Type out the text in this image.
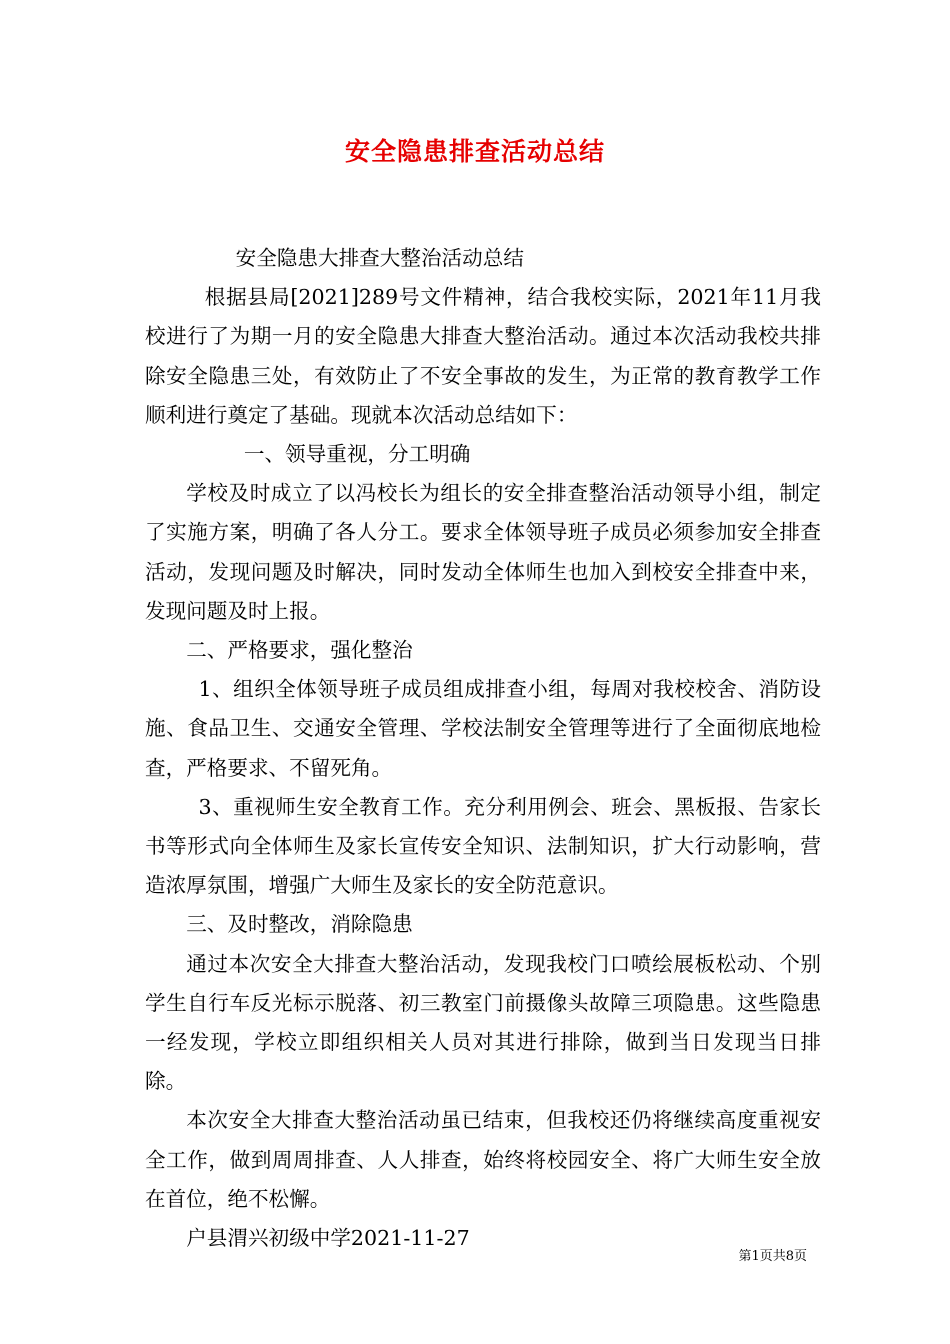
安全隐患排查活动总结

安全隐患大排查大整治活动总结

根据县局[2021]289号文件精神，结合我校实际，2021年11月我校进行了为期一月的安全隐患大排查大整治活动。通过本次活动我校共排除安全隐患三处，有效防止了不安全事故的发生，为正常的教育教学工作顺利进行奠定了基础。现就本次活动总结如下：

一、领导重视，分工明确

学校及时成立了以冯校长为组长的安全排查整治活动领导小组，制定了实施方案，明确了各人分工。要求全体领导班子成员必须参加安全排查活动，发现问题及时解决，同时发动全体师生也加入到校安全排查中来，发现问题及时上报。

二、严格要求，强化整治

1、组织全体领导班子成员组成排查小组，每周对我校校舍、消防设施、食品卫生、交通安全管理、学校法制安全管理等进行了全面彻底地检查，严格要求、不留死角。

3、重视师生安全教育工作。充分利用例会、班会、黑板报、告家长书等形式向全体师生及家长宣传安全知识、法制知识，扩大行动影响，营造浓厚氛围，增强广大师生及家长的安全防范意识。

三、及时整改，消除隐患

通过本次安全大排查大整治活动，发现我校门口喷绘展板松动、个别学生自行车反光标示脱落、初三教室门前摄像头故障三项隐患。这些隐患一经发现，学校立即组织相关人员对其进行排除，做到当日发现当日排除。

本次安全大排查大整治活动虽已结束，但我校还仍将继续高度重视安全工作，做到周周排查、人人排查，始终将校园安全、将广大师生安全放在首位，绝不松懈。

户县渭兴初级中学2021-11-27

第1页共8页
